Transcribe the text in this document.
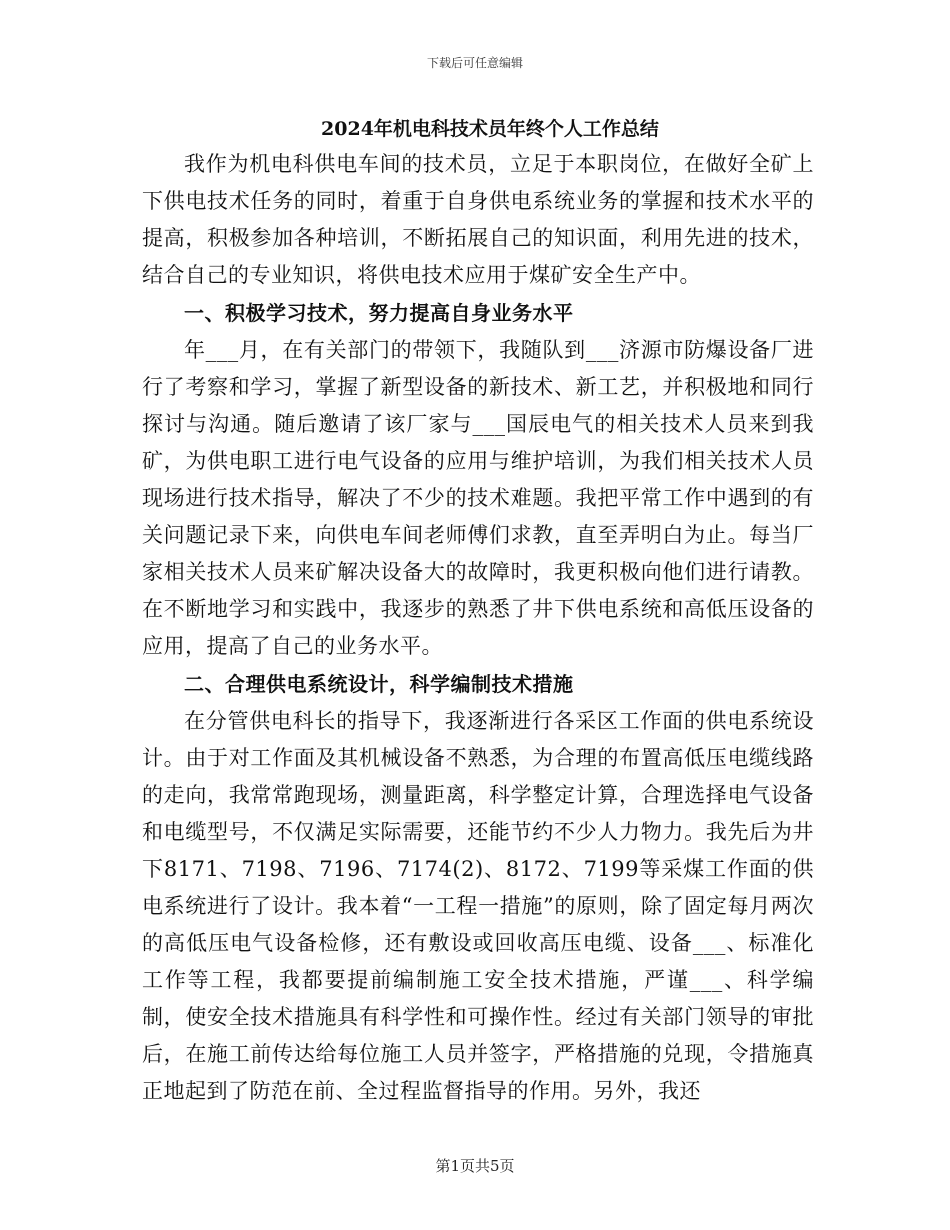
下载后可任意编辑
2024年机电科技术员年终个人工作总结

我作为机电科供电车间的技术员，立足于本职岗位，在做好全矿上下供电技术任务的同时，着重于自身供电系统业务的掌握和技术水平的提高，积极参加各种培训，不断拓展自己的知识面，利用先进的技术，结合自己的专业知识，将供电技术应用于煤矿安全生产中。

一、积极学习技术，努力提高自身业务水平

年___月，在有关部门的带领下，我随队到___济源市防爆设备厂进行了考察和学习，掌握了新型设备的新技术、新工艺，并积极地和同行探讨与沟通。随后邀请了该厂家与___国辰电气的相关技术人员来到我矿，为供电职工进行电气设备的应用与维护培训，为我们相关技术人员现场进行技术指导，解决了不少的技术难题。我把平常工作中遇到的有关问题记录下来，向供电车间老师傅们求教，直至弄明白为止。每当厂家相关技术人员来矿解决设备大的故障时，我更积极向他们进行请教。在不断地学习和实践中，我逐步的熟悉了井下供电系统和高低压设备的应用，提高了自己的业务水平。

二、合理供电系统设计，科学编制技术措施

在分管供电科长的指导下，我逐渐进行各采区工作面的供电系统设计。由于对工作面及其机械设备不熟悉，为合理的布置高低压电缆线路的走向，我常常跑现场，测量距离，科学整定计算，合理选择电气设备和电缆型号，不仅满足实际需要，还能节约不少人力物力。我先后为井下8171、7198、7196、7174(2)、8172、7199等采煤工作面的供电系统进行了设计。我本着“一工程一措施”的原则，除了固定每月两次的高低压电气设备检修，还有敷设或回收高压电缆、设备___、标准化工作等工程，我都要提前编制施工安全技术措施，严谨___、科学编制，使安全技术措施具有科学性和可操作性。经过有关部门领导的审批后，在施工前传达给每位施工人员并签字，严格措施的兑现，令措施真正地起到了防范在前、全过程监督指导的作用。另外，我还

第1页共5页
